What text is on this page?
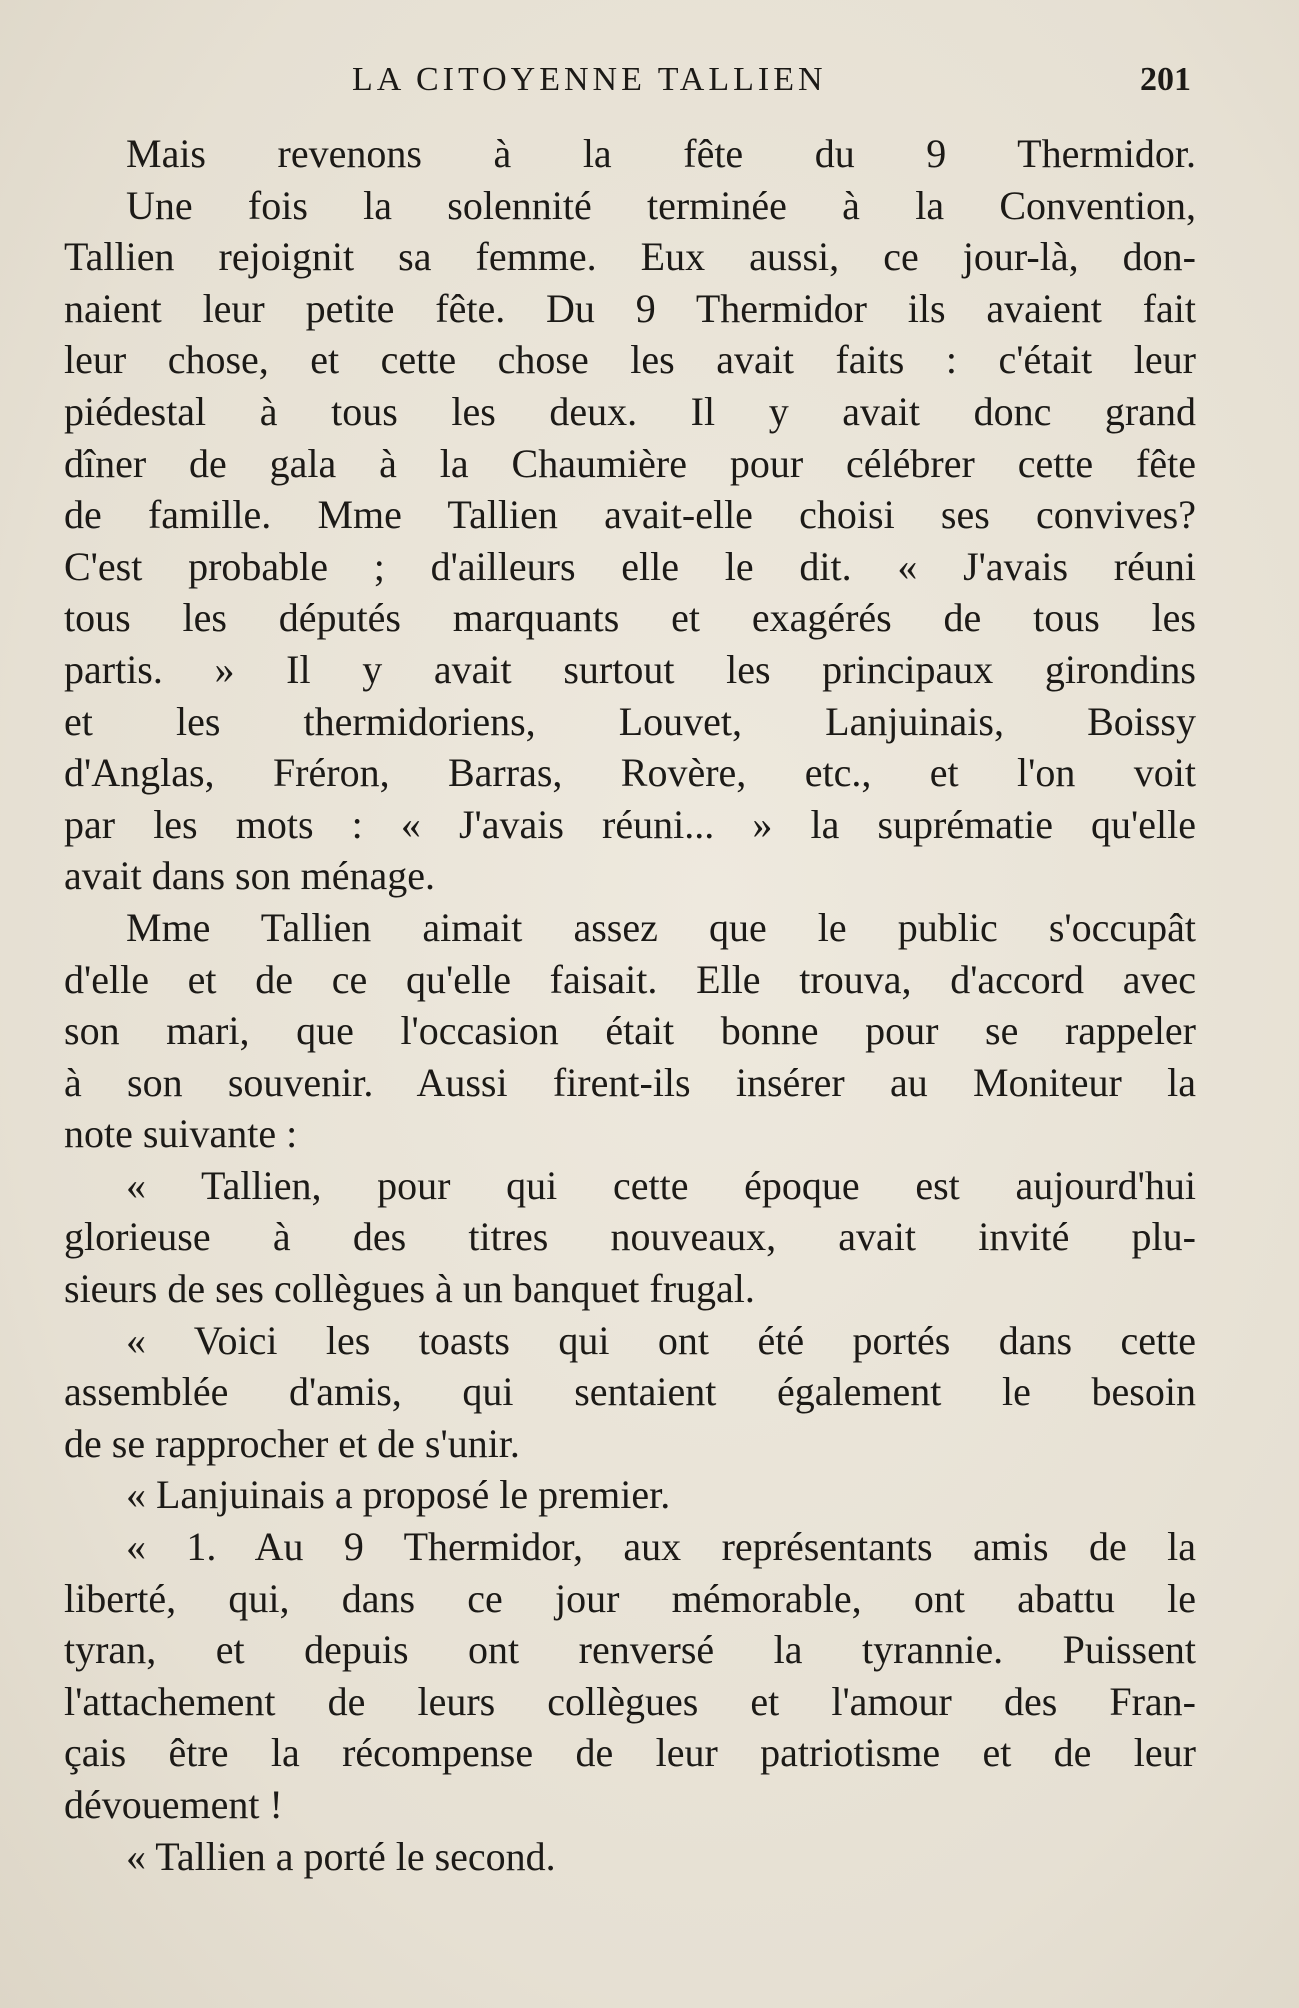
LA CITOYENNE TALLIEN	201
Mais revenons à la fête du 9 Thermidor.
Une fois la solennité terminée à la Convention,
Tallien rejoignit sa femme. Eux aussi, ce jour-là, don-
naient leur petite fête. Du 9 Thermidor ils avaient fait
leur chose, et cette chose les avait faits : c'était leur
piédestal à tous les deux. Il y avait donc grand
dîner de gala à la Chaumière pour célébrer cette fête
de famille. Mme Tallien avait-elle choisi ses convives?
C'est probable ; d'ailleurs elle le dit. « J'avais réuni
tous les députés marquants et exagérés de tous les
partis. » Il y avait surtout les principaux girondins
et les thermidoriens, Louvet, Lanjuinais, Boissy
d'Anglas, Fréron, Barras, Rovère, etc., et l'on voit
par les mots : « J'avais réuni... » la suprématie qu'elle
avait dans son ménage.
Mme Tallien aimait assez que le public s'occupât
d'elle et de ce qu'elle faisait. Elle trouva, d'accord avec
son mari, que l'occasion était bonne pour se rappeler
à son souvenir. Aussi firent-ils insérer au Moniteur la
note suivante :
« Tallien, pour qui cette époque est aujourd'hui
glorieuse à des titres nouveaux, avait invité plu-
sieurs de ses collègues à un banquet frugal.
« Voici les toasts qui ont été portés dans cette
assemblée d'amis, qui sentaient également le besoin
de se rapprocher et de s'unir.
« Lanjuinais a proposé le premier.
« 1. Au 9 Thermidor, aux représentants amis de la
liberté, qui, dans ce jour mémorable, ont abattu le
tyran, et depuis ont renversé la tyrannie. Puissent
l'attachement de leurs collègues et l'amour des Fran-
çais être la récompense de leur patriotisme et de leur
dévouement !
« Tallien a porté le second.
